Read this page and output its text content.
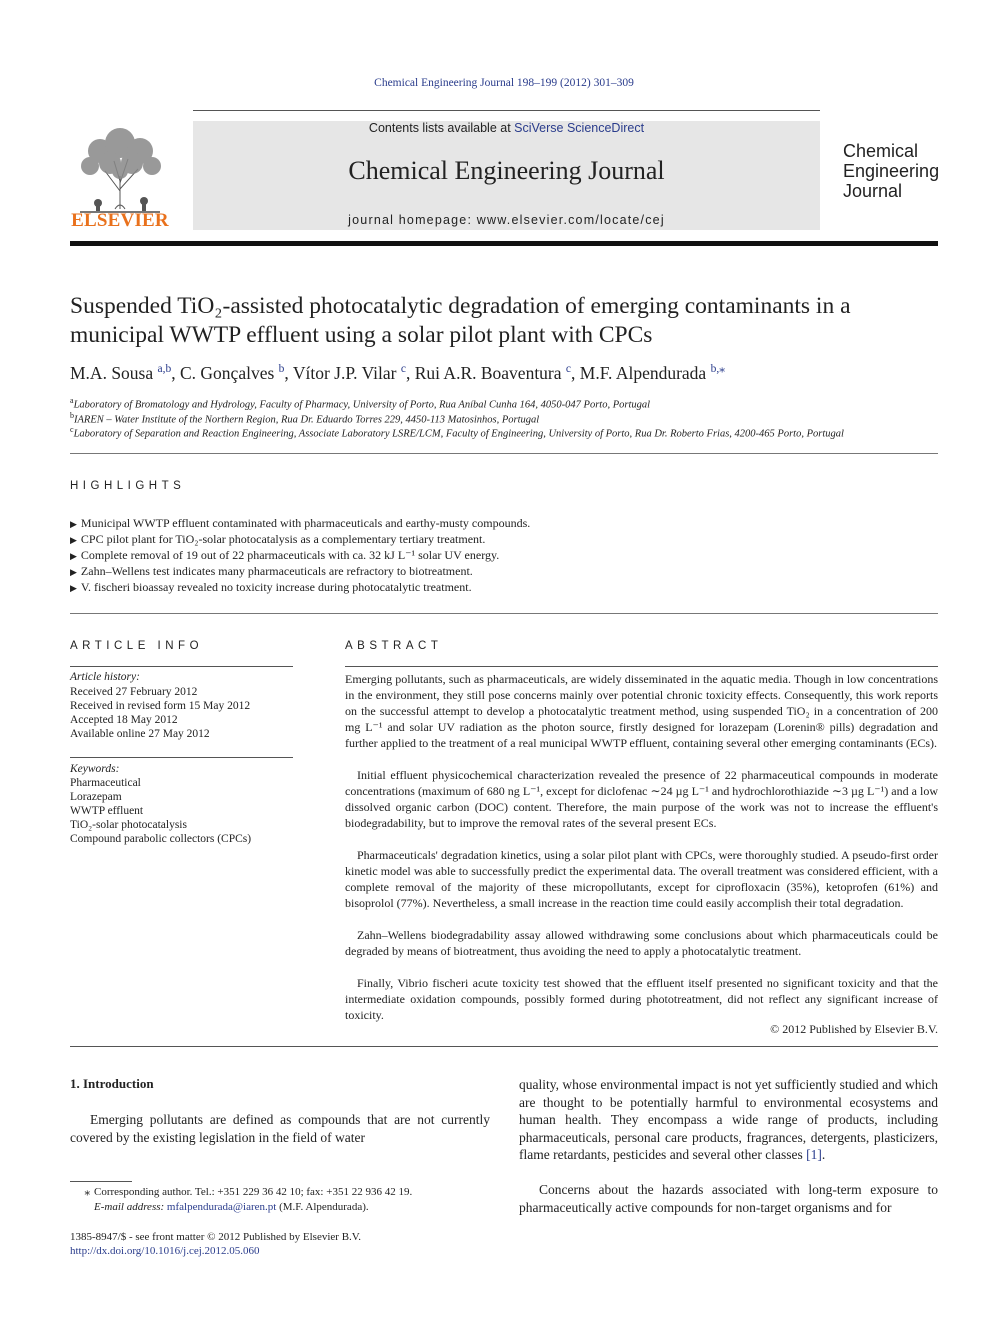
Chemical Engineering Journal 198–199 (2012) 301–309
ELSEVIER
Contents lists available at SciVerse ScienceDirect
Chemical Engineering Journal
journal homepage: www.elsevier.com/locate/cej
Chemical
Engineering
Journal
Suspended TiO₂-assisted photocatalytic degradation of emerging contaminants in a
municipal WWTP effluent using a solar pilot plant with CPCs
M.A. Sousa $^{a,b}$, C. Gonçalves $^b$, Vítor J.P. Vilar $^c$, Rui A.R. Boaventura $^c$, M.F. Alpendurada $^{b,⁎}$
$^a$Laboratory of Bromatology and Hydrology, Faculty of Pharmacy, University of Porto, Rua Aníbal Cunha 164, 4050-047 Porto, Portugal
$^b$IAREN – Water Institute of the Northern Region, Rua Dr. Eduardo Torres 229, 4450-113 Matosinhos, Portugal
$^c$Laboratory of Separation and Reaction Engineering, Associate Laboratory LSRE/LCM, Faculty of Engineering, University of Porto, Rua Dr. Roberto Frias, 4200-465 Porto, Portugal
HIGHLIGHTS
▶ Municipal WWTP effluent contaminated with pharmaceuticals and earthy-musty compounds.
▶ CPC pilot plant for TiO₂-solar photocatalysis as a complementary tertiary treatment.
▶ Complete removal of 19 out of 22 pharmaceuticals with ca. 32 kJ L⁻¹ solar UV energy.
▶ Zahn–Wellens test indicates many pharmaceuticals are refractory to biotreatment.
▶ V. fischeri bioassay revealed no toxicity increase during photocatalytic treatment.
ARTICLE INFO
Article history:
Received 27 February 2012
Received in revised form 15 May 2012
Accepted 18 May 2012
Available online 27 May 2012
Keywords:
Pharmaceutical
Lorazepam
WWTP effluent
TiO₂-solar photocatalysis
Compound parabolic collectors (CPCs)
ABSTRACT
Emerging pollutants, such as pharmaceuticals, are widely disseminated in the aquatic media. Though in low concentrations in the environment, they still pose concerns mainly over potential chronic toxicity effects. Consequently, this work reports on the successful attempt to develop a photocatalytic treatment method, using suspended TiO₂ in a concentration of 200 mg L⁻¹ and solar UV radiation as the photon source, firstly designed for lorazepam (Lorenin® pills) degradation and further applied to the treatment of a real municipal WWTP effluent, containing several other emerging contaminants (ECs).
Initial effluent physicochemical characterization revealed the presence of 22 pharmaceutical compounds in moderate concentrations (maximum of 680 ng L⁻¹, except for diclofenac ∼24 µg L⁻¹ and hydrochlorothiazide ∼3 µg L⁻¹) and a low dissolved organic carbon (DOC) content. Therefore, the main purpose of the work was not to increase the effluent's biodegradability, but to improve the removal rates of the several present ECs.
Pharmaceuticals' degradation kinetics, using a solar pilot plant with CPCs, were thoroughly studied. A pseudo-first order kinetic model was able to successfully predict the experimental data. The overall treatment was considered efficient, with a complete removal of the majority of these micropollutants, except for ciprofloxacin (35%), ketoprofen (61%) and bisoprolol (77%). Nevertheless, a small increase in the reaction time could easily accomplish their total degradation.
Zahn–Wellens biodegradability assay allowed withdrawing some conclusions about which pharmaceuticals could be degraded by means of biotreatment, thus avoiding the need to apply a photocatalytic treatment.
Finally, Vibrio fischeri acute toxicity test showed that the effluent itself presented no significant toxicity and that the intermediate oxidation compounds, possibly formed during phototreatment, did not reflect any significant increase of toxicity.
© 2012 Published by Elsevier B.V.
1. Introduction
Emerging pollutants are defined as compounds that are not currently covered by the existing legislation in the field of water
quality, whose environmental impact is not yet sufficiently studied and which are thought to be potentially harmful to environmental ecosystems and human health. They encompass a wide range of products, including pharmaceuticals, personal care products, fragrances, detergents, plasticizers, flame retardants, pesticides and several other classes [1].
Concerns about the hazards associated with long-term exposure to pharmaceutically active compounds for non-target organisms and for
⁎ Corresponding author. Tel.: +351 229 36 42 10; fax: +351 22 936 42 19.
E-mail address: mfalpendurada@iaren.pt (M.F. Alpendurada).
1385-8947/$ - see front matter © 2012 Published by Elsevier B.V.
http://dx.doi.org/10.1016/j.cej.2012.05.060
